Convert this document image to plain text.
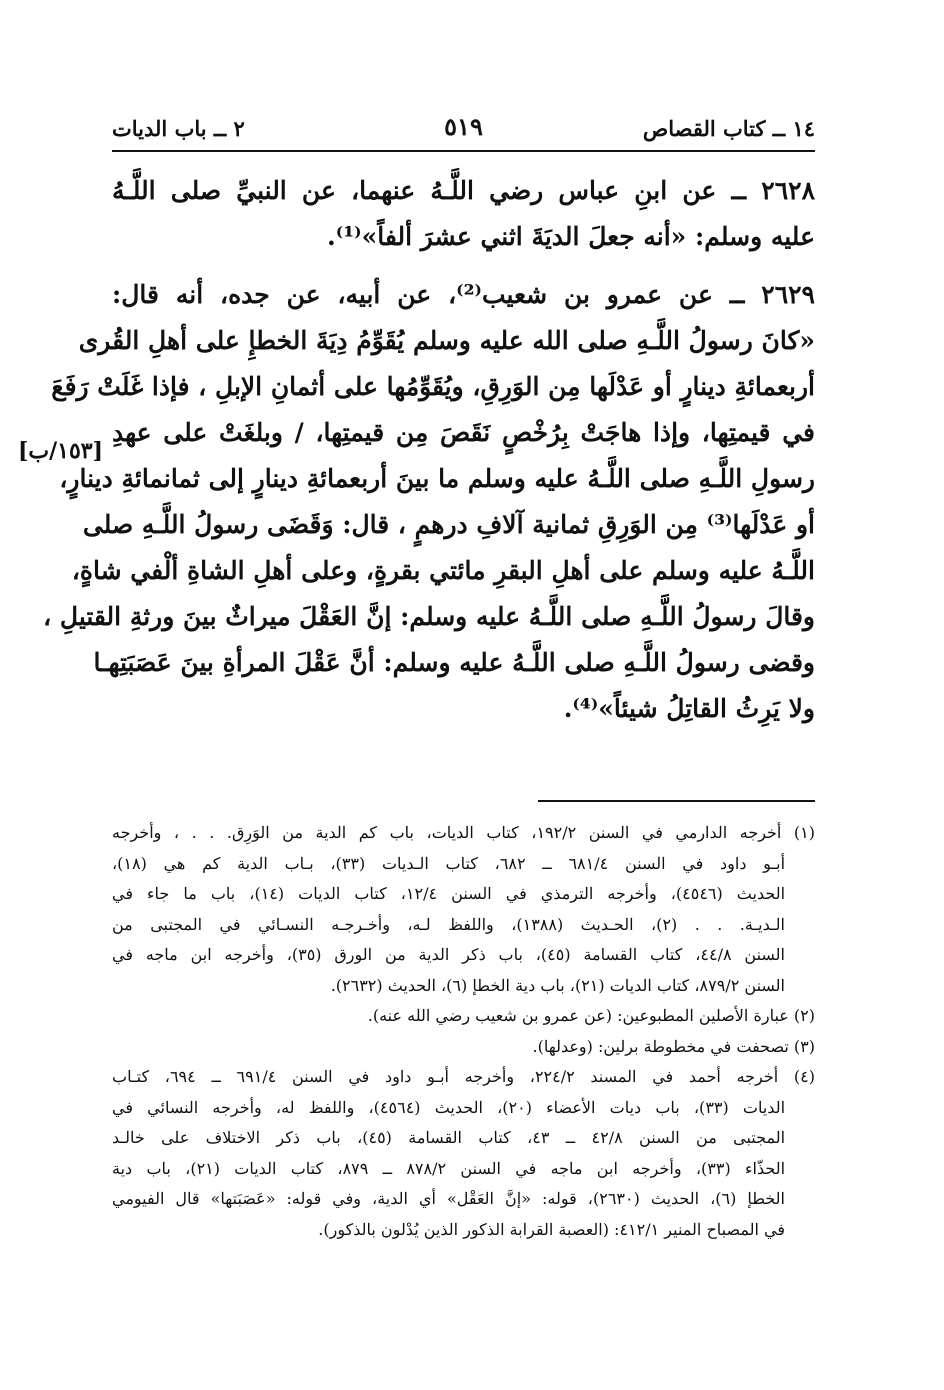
١٤ ــ كتاب القصاص
٥١٩
٢ ــ باب الديات
٢٦٢٨ ــ عن ابنِ عباس رضي اللَّـهُ عنهما، عن النبيِّ صلى اللَّـهُ
عليه وسلم: «أنه جعلَ الديَةَ اثني عشرَ ألفاً»⁽¹⁾.
٢٦٢٩ ــ عن عمرو بن شعيب⁽²⁾، عن أبيه، عن جده، أنه قال:
«كانَ رسولُ اللَّـهِ صلى الله عليه وسلم يُقَوِّمُ دِيَةَ الخطإِ على أهلِ القُرى
أربعمائةِ دينارٍ أو عَدْلَها مِن الوَرِقِ، ويُقَوِّمُها على أثمانِ الإبلِ ، فإذا غَلَتْ رَفَعَ
في قيمتِها، وإذا هاجَتْ بِرُخْصٍ نَقَصَ مِن قيمتِها، / وبلغَتْ على عهدِ
رسولِ اللَّـهِ صلى اللَّـهُ عليه وسلم ما بينَ أربعمائةِ دينارٍ إلى ثمانمائةِ دينارٍ،
أو عَدْلَها⁽³⁾ مِن الوَرِقِ ثمانية آلافِ درهمٍ ، قال: وَقَضَى رسولُ اللَّـهِ صلى
اللَّـهُ عليه وسلم على أهلِ البقرِ مائتي بقرةٍ، وعلى أهلِ الشاةِ ألْفي شاةٍ،
وقالَ رسولُ اللَّـهِ صلى اللَّـهُ عليه وسلم: إنَّ العَقْلَ ميراثٌ بينَ ورثةِ القتيلِ ،
وقضى رسولُ اللَّـهِ صلى اللَّـهُ عليه وسلم: أنَّ عَقْلَ المرأةِ بينَ عَصَبَتِهـا
ولا يَرِثُ القاتِلُ شيئاً»⁽⁴⁾.
[١٥٣/ب]
(١) أخرجه الدارمي في السنن ١٩٢/٢، كتاب الديات، باب كم الدية من الوَرِق. . . ، وأخرجه
أبـو داود في السنن ٦٨١/٤ ــ ٦٨٢، كتاب الـديات (٣٣)، بـاب الدية كم هي (١٨)،
الحديث (٤٥٤٦)، وأخرجه الترمذي في السنن ١٢/٤، كتاب الديات (١٤)، باب ما جاء في
الـديـة. . . (٢)، الحـديث (١٣٨٨)، واللفظ لـه، وأخـرجـه النسـائي في المجتبى من
السنن ٤٤/٨، كتاب القسامة (٤٥)، باب ذكر الدية من الورق (٣٥)، وأخرجه ابن ماجه في
السنن ٨٧٩/٢، كتاب الديات (٢١)، باب دية الخطإ (٦)، الحديث (٢٦٣٢).
(٢) عبارة الأصلين المطبوعين: (عن عمرو بن شعيب رضي الله عنه).
(٣) تصحفت في مخطوطة برلين: (وعدلها).
(٤) أخرجه أحمد في المسند ٢٢٤/٢، وأخرجه أبـو داود في السنن ٦٩١/٤ ــ ٦٩٤، كتـاب
الديات (٣٣)، باب ديات الأعضاء (٢٠)، الحديث (٤٥٦٤)، واللفظ له، وأخرجه النسائي في
المجتبى من السنن ٤٢/٨ ــ ٤٣، كتاب القسامة (٤٥)، باب ذكر الاختلاف على خالـد
الحذّاء (٣٣)، وأخرجه ابن ماجه في السنن ٨٧٨/٢ ــ ٨٧٩، كتاب الديات (٢١)، باب دية
الخطإ (٦)، الحديث (٢٦٣٠)، قوله: «إنَّ العَقْل» أي الدية، وفي قوله: «عَصَبَتها» قال الفيومي
في المصباح المنير ٤١٢/١: (العصبة القرابة الذكور الذين يُدْلون بالذكور).
